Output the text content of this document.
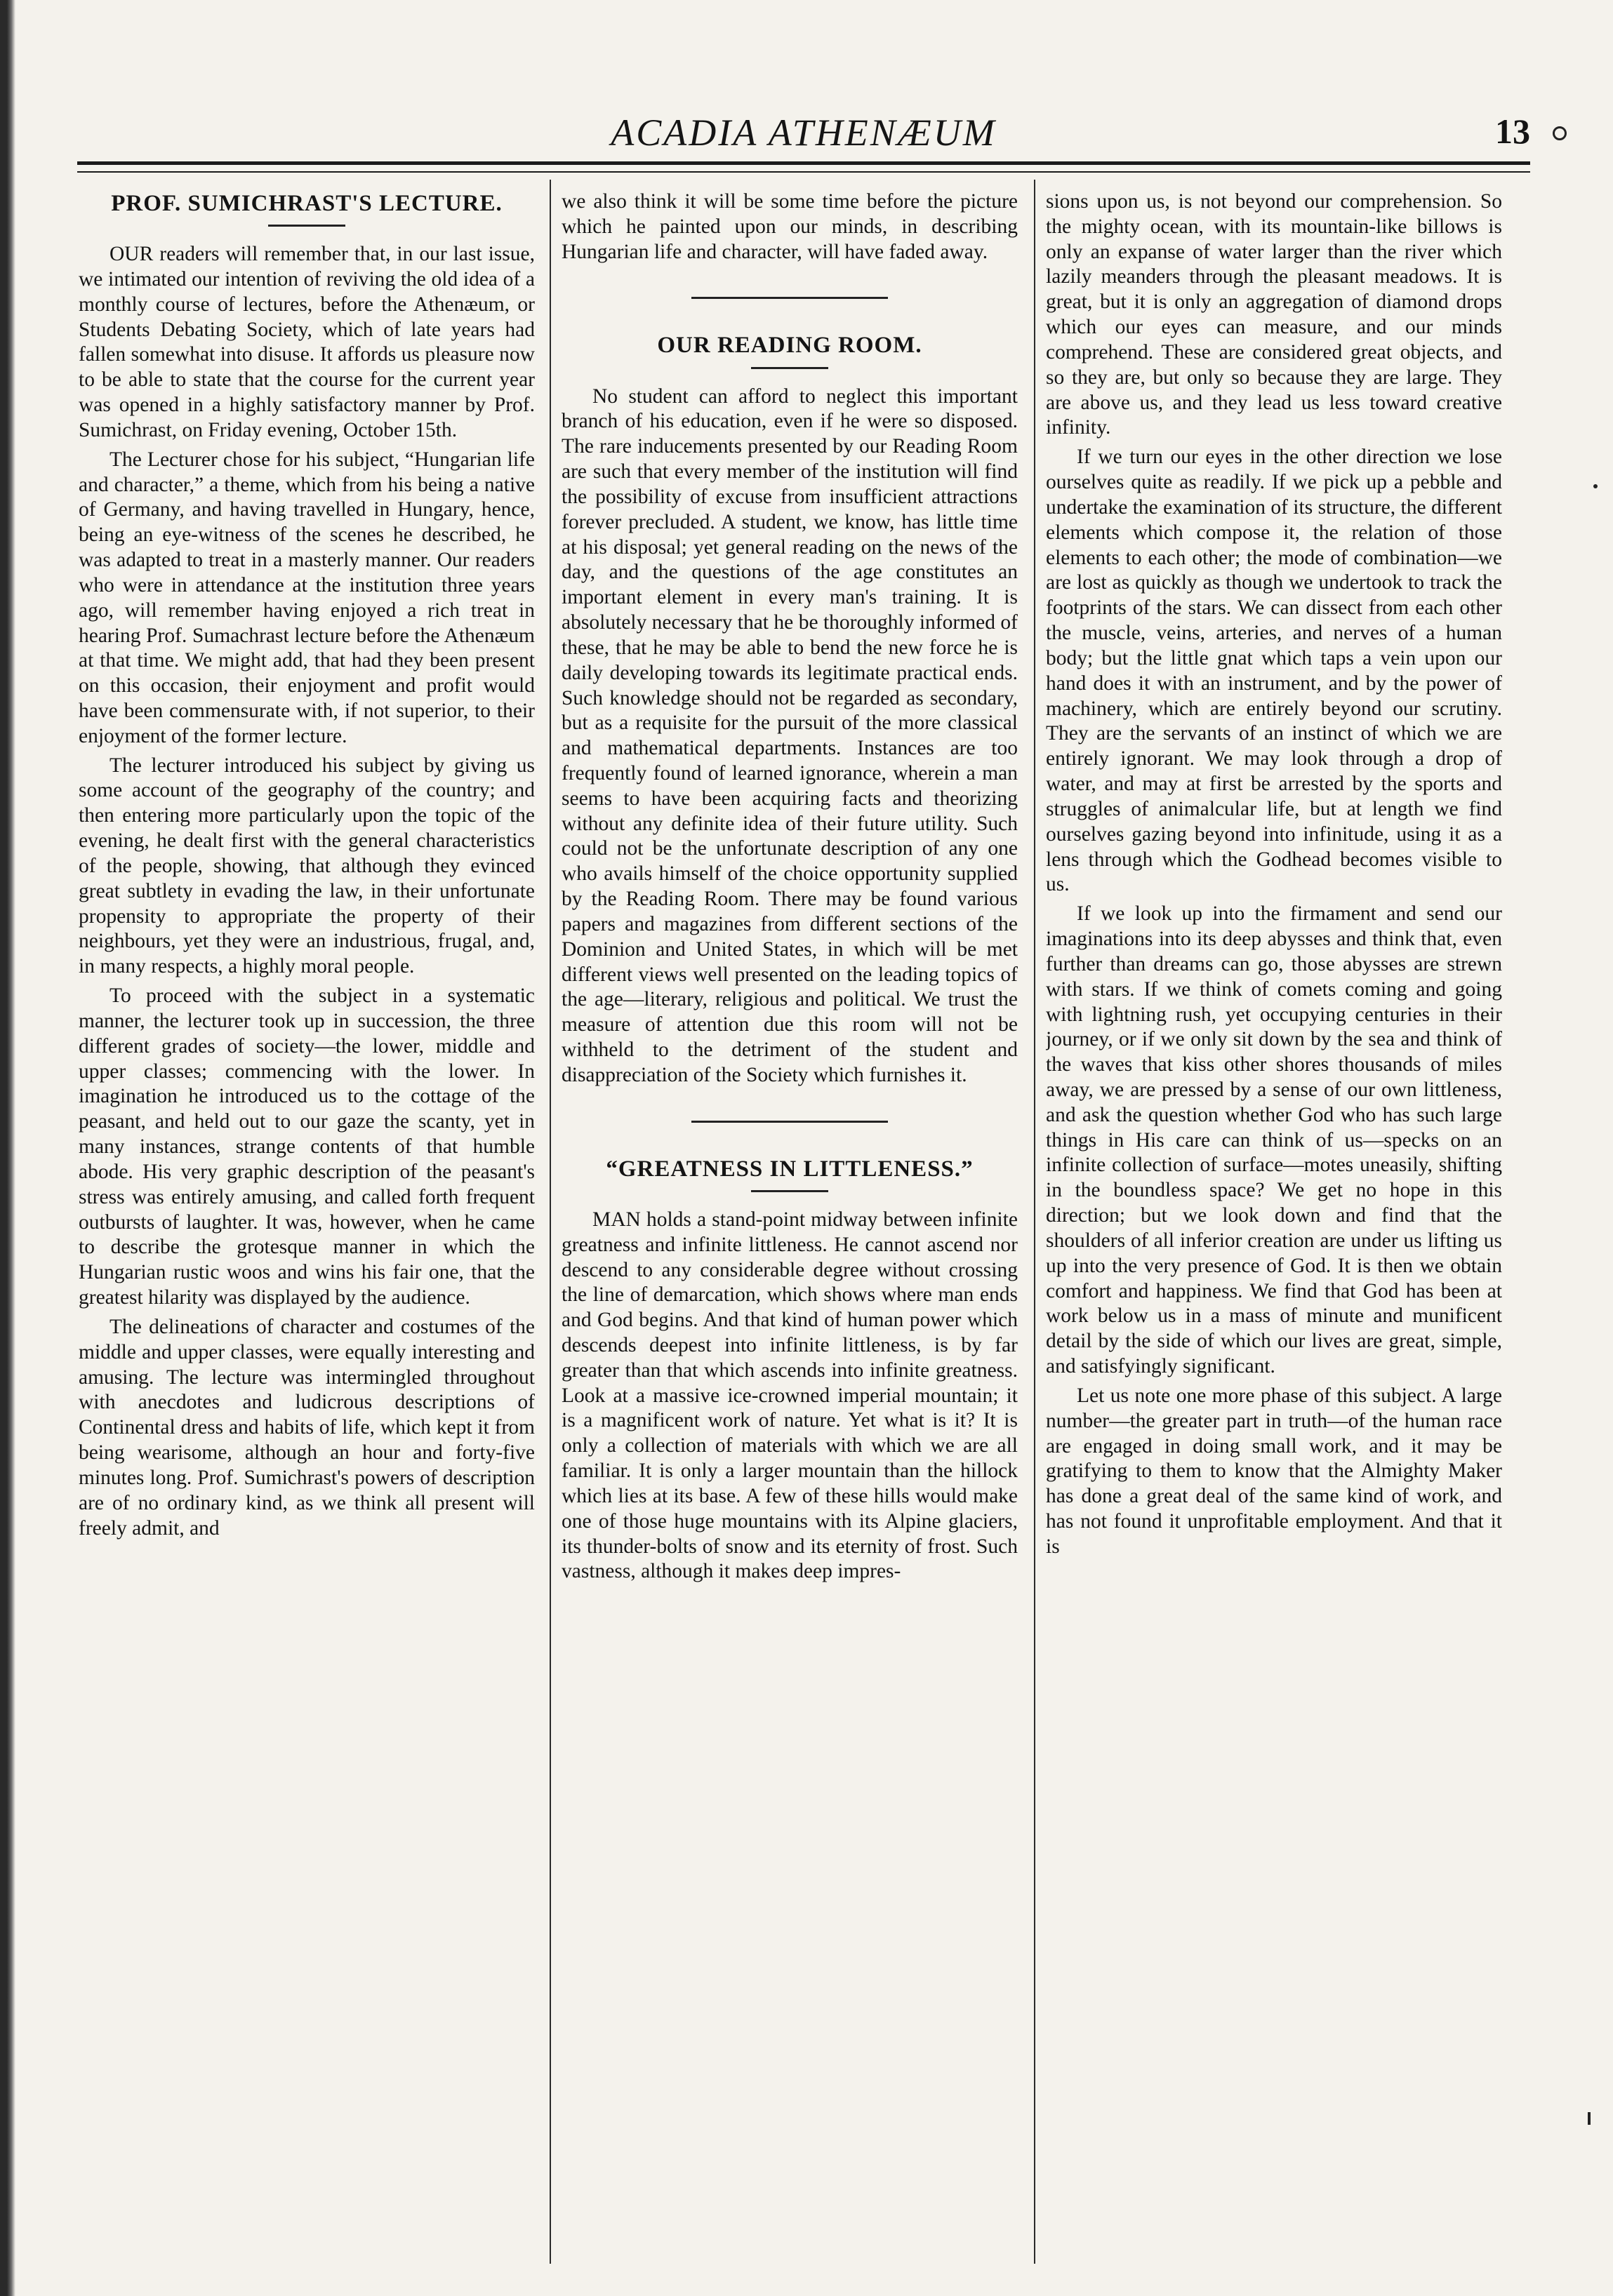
ACADIA ATHENÆUM	13
PROF. SUMICHRAST'S LECTURE.

OUR readers will remember that, in our last issue, we intimated our intention of reviving the old idea of a monthly course of lectures, before the Athenæum, or Students Debating Society, which of late years had fallen somewhat into disuse. It affords us pleasure now to be able to state that the course for the current year was opened in a highly satisfactory manner by Prof. Sumichrast, on Friday evening, October 15th.

The Lecturer chose for his subject, “Hungarian life and character,” a theme, which from his being a native of Germany, and having travelled in Hungary, hence, being an eye-witness of the scenes he described, he was adapted to treat in a masterly manner. Our readers who were in attendance at the institution three years ago, will remember having enjoyed a rich treat in hearing Prof. Sumachrast lecture before the Athenæum at that time. We might add, that had they been present on this occasion, their enjoyment and profit would have been commensurate with, if not superior, to their enjoyment of the former lecture.

The lecturer introduced his subject by giving us some account of the geography of the country; and then entering more particularly upon the topic of the evening, he dealt first with the general characteristics of the people, showing, that although they evinced great subtlety in evading the law, in their unfortunate propensity to appropriate the property of their neighbours, yet they were an industrious, frugal, and, in many respects, a highly moral people.

To proceed with the subject in a systematic manner, the lecturer took up in succession, the three different grades of society—the lower, middle and upper classes; commencing with the lower. In imagination he introduced us to the cottage of the peasant, and held out to our gaze the scanty, yet in many instances, strange contents of that humble abode. His very graphic description of the peasant's stress was entirely amusing, and called forth frequent outbursts of laughter. It was, however, when he came to describe the grotesque manner in which the Hungarian rustic woos and wins his fair one, that the greatest hilarity was displayed by the audience.

The delineations of character and costumes of the middle and upper classes, were equally interesting and amusing. The lecture was intermingled throughout with anecdotes and ludicrous descriptions of Continental dress and habits of life, which kept it from being wearisome, although an hour and forty-five minutes long. Prof. Sumichrast's powers of description are of no ordinary kind, as we think all present will freely admit, and

we also think it will be some time before the picture which he painted upon our minds, in describing Hungarian life and character, will have faded away.

OUR READING ROOM.

No student can afford to neglect this important branch of his education, even if he were so disposed. The rare inducements presented by our Reading Room are such that every member of the institution will find the possibility of excuse from insufficient attractions forever precluded. A student, we know, has little time at his disposal; yet general reading on the news of the day, and the questions of the age constitutes an important element in every man's training. It is absolutely necessary that he be thoroughly informed of these, that he may be able to bend the new force he is daily developing towards its legitimate practical ends. Such knowledge should not be regarded as secondary, but as a requisite for the pursuit of the more classical and mathematical departments. Instances are too frequently found of learned ignorance, wherein a man seems to have been acquiring facts and theorizing without any definite idea of their future utility. Such could not be the unfortunate description of any one who avails himself of the choice opportunity supplied by the Reading Room. There may be found various papers and magazines from different sections of the Dominion and United States, in which will be met different views well presented on the leading topics of the age—literary, religious and political. We trust the measure of attention due this room will not be withheld to the detriment of the student and disappreciation of the Society which furnishes it.

“GREATNESS IN LITTLENESS.”

MAN holds a stand-point midway between infinite greatness and infinite littleness. He cannot ascend nor descend to any considerable degree without crossing the line of demarcation, which shows where man ends and God begins. And that kind of human power which descends deepest into infinite littleness, is by far greater than that which ascends into infinite greatness. Look at a massive ice-crowned imperial mountain; it is a magnificent work of nature. Yet what is it? It is only a collection of materials with which we are all familiar. It is only a larger mountain than the hillock which lies at its base. A few of these hills would make one of those huge mountains with its Alpine glaciers, its thunder-bolts of snow and its eternity of frost. Such vastness, although it makes deep impres-

sions upon us, is not beyond our comprehension. So the mighty ocean, with its mountain-like billows is only an expanse of water larger than the river which lazily meanders through the pleasant meadows. It is great, but it is only an aggregation of diamond drops which our eyes can measure, and our minds comprehend. These are considered great objects, and so they are, but only so because they are large. They are above us, and they lead us less toward creative infinity.

If we turn our eyes in the other direction we lose ourselves quite as readily. If we pick up a pebble and undertake the examination of its structure, the different elements which compose it, the relation of those elements to each other; the mode of combination—we are lost as quickly as though we undertook to track the footprints of the stars. We can dissect from each other the muscle, veins, arteries, and nerves of a human body; but the little gnat which taps a vein upon our hand does it with an instrument, and by the power of machinery, which are entirely beyond our scrutiny. They are the servants of an instinct of which we are entirely ignorant. We may look through a drop of water, and may at first be arrested by the sports and struggles of animalcular life, but at length we find ourselves gazing beyond into infinitude, using it as a lens through which the Godhead becomes visible to us.

If we look up into the firmament and send our imaginations into its deep abysses and think that, even further than dreams can go, those abysses are strewn with stars. If we think of comets coming and going with lightning rush, yet occupying centuries in their journey, or if we only sit down by the sea and think of the waves that kiss other shores thousands of miles away, we are pressed by a sense of our own littleness, and ask the question whether God who has such large things in His care can think of us—specks on an infinite collection of surface—motes uneasily, shifting in the boundless space? We get no hope in this direction; but we look down and find that the shoulders of all inferior creation are under us lifting us up into the very presence of God. It is then we obtain comfort and happiness. We find that God has been at work below us in a mass of minute and munificent detail by the side of which our lives are great, simple, and satisfyingly significant.

Let us note one more phase of this subject. A large number—the greater part in truth—of the human race are engaged in doing small work, and it may be gratifying to them to know that the Almighty Maker has done a great deal of the same kind of work, and has not found it unprofitable employment. And that it is
